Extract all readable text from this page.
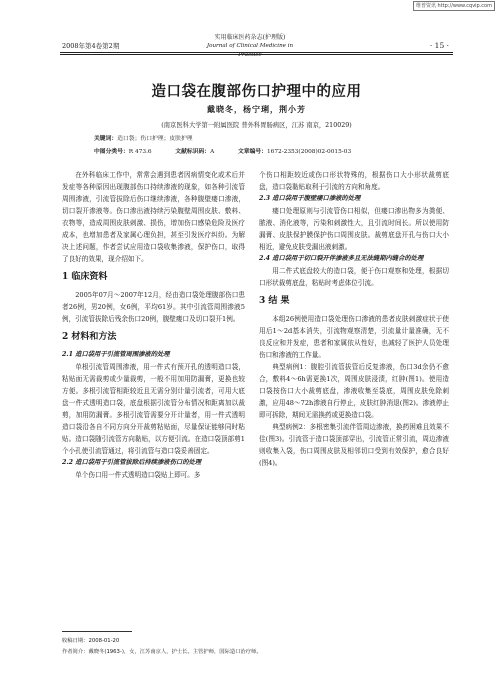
维普资讯 http://www.cqvip.com
2008年第4卷第2期
实用临床医药杂志(护理版)
Journal of Clinical Medicine in Practice
· 15 ·
造口袋在腹部伤口护理中的应用
戴晓冬，杨宁琍，荆小芳
(南京医科大学第一附属医院 普外科胃肠病区，江苏 南京，210029)
关键词：造口袋；伤口护理；皮肤护理
中图分类号：R 473.6	文献标识码：A	文章编号：1672-2353(2008)02-0015-03

在外科临床工作中，常常会遇到患者因病情变化或术后并发症等各种原因出现腹部伤口持续渗液的现象，如各种引流管周围渗液，引流管拔除后伤口继续渗液，各种腹壁瘘口渗液，切口裂开渗液等。伤口渗出液持续污染腹壁周围皮肤、敷料、衣物等，造成周围皮肤刺激、损伤，增加伤口感染危险及医疗成本，也增加患者及家属心理负担，甚至引发医疗纠纷。为解决上述问题，作者尝试应用造口袋收集渗液，保护伤口，取得了良好的效果，现介绍如下。

1 临床资料

2005年07月～2007年12月，经由造口袋处理腹部伤口患者26例，男20例，女6例，平均61岁。其中引流管周围渗液5例，引流管拔除后残余伤口20例，腹壁瘘口及切口裂开1例。

2 材料和方法
2.1 造口袋用于引流管周围渗液的处理

单根引流管周围渗液，用一件式有预开孔的透明造口袋，粘贴面无需裁剪或少量裁剪，一般不用加用防漏膏，更换也较方便。多根引流管相距较近且无需分别计量引流者，可用大底盘一件式透明造口袋，底盘根据引流管分布情况和距离加以裁剪，加用防漏膏。多根引流管需要分开计量者，用一件式透明造口袋沿各自不同方向分开裁剪粘贴面，尽量保证能够同时粘贴。造口袋随引流管方向黏贴，以方便引流。在造口袋顶部剪1个小孔使引流管通过，将引流管与造口袋妥善固定。

2.2 造口袋用于引流管拔除后持续渗液伤口的处理

单个伤口用一件式透明造口袋贴上即可。多

个伤口相距较近或伤口形状特殊的，根据伤口大小形状裁剪底盘，造口袋黏贴取利于引流的方向和角度。

2.3 造口袋用于腹壁瘘口渗液的处理

瘘口处理原则与引流管伤口相似，但瘘口渗出物多为粪便、脓液、消化液等，污染和刺激性大，且引流时间长。所以使用防漏膏、皮肤保护膜保护伤口周围皮肤。裁剪底盘开孔与伤口大小相近，避免皮肤受漏出液刺激。

2.4 造口袋用于切口裂开伴渗液多且无法缝期内缝合的处理

用二件式底盘较大的造口袋，便于伤口观察和处理，根据切口形状裁剪底盘，粘贴时考虑体位引流。

3 结 果

本组26例使用造口袋处理伤口渗液的患者皮肤刺激症状于使用后1～2d基本消失，引流物观察清楚，引流量计量准确，无不良反应和并发症，患者和家属依从性好，也减轻了医护人员处理伤口和渗液的工作量。

典型病例1：腹腔引流管拔管后反复渗液，伤口3d余仍不愈合，敷料4～6h需更换1次，周围皮肤浸渍，红肿(图1)。使用造口袋按伤口大小裁剪底盘，渗液收集至袋底，周围皮肤免除刺激，应用48～72h渗液自行停止，皮肤红肿消退(图2)。渗液停止即可拆除，期间无需换药或更换造口袋。

典型病例2：多根密集引流伴管周边渗液，换药困难且效果不佳(图3)。引流管于造口袋顶部穿出，引流管正常引流，周边渗液则收集入袋，伤口周围皮肤及相邻切口受到有效保护，愈合良好(图4)。

收稿日期：2008-01-20
作者简介：戴晓冬(1963-)，女，江苏南京人，护士长。主管护师，国际造口治疗师。
